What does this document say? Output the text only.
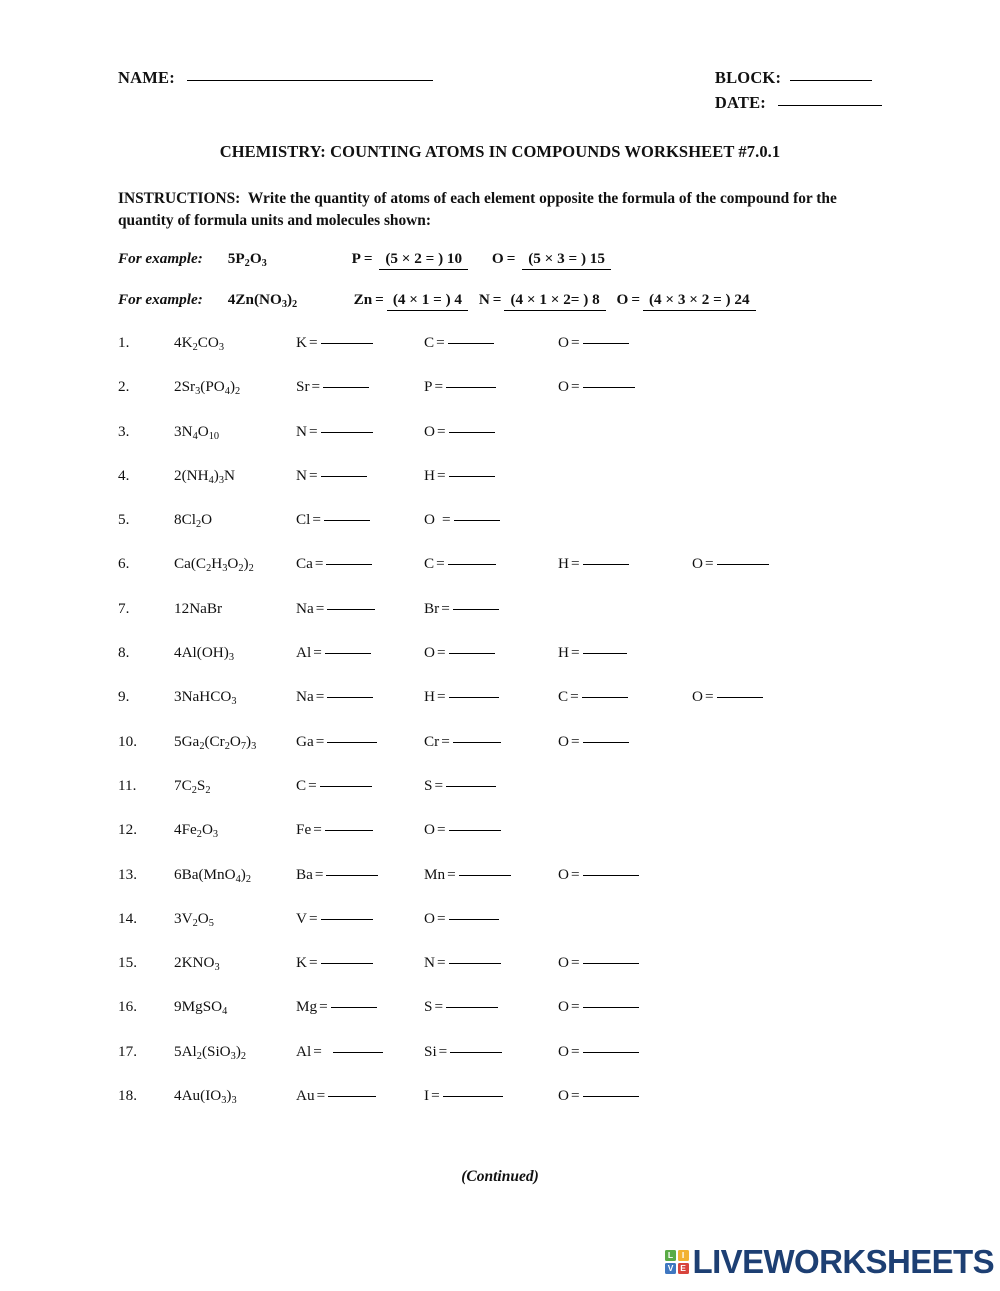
NAME:	BLOCK:
DATE:
CHEMISTRY: COUNTING ATOMS IN COMPOUNDS WORKSHEET #7.0.1
INSTRUCTIONS: Write the quantity of atoms of each element opposite the formula of the compound for the quantity of formula units and molecules shown:
For example: $5P_2O_3$	P = (5 × 2 = ) 10 O = (5 × 3 = ) 15
For example: $4Zn(NO_3)_2$	Zn = (4 × 1 = ) 4 N = (4 × 1 × 2= ) 8 O = (4 × 3 × 2 = ) 24
1.	$4K_2CO_3$	K =	C =	O =
2.	$2Sr_3(PO_4)_2$	Sr =	P =	O =
3.	$3N_4O_{10}$	N =	O =
4.	$2(NH_4)_3N$	N =	H =
5.	$8Cl_2O$	Cl =	O =
6.	$Ca(C_2H_3O_2)_2$	Ca =	C =	H =	O =
7.	12NaBr	Na =	Br =
8.	$4Al(OH)_3$	Al =	O =	H =
9.	3NaHCO$_3$	Na =	H =	C =	O =
10. $5Ga_2(Cr_2O_7)_3$	Ga =	Cr =	O =
11. $7C_2S_2$	C =	S =
12. $4Fe_2O_3$	Fe =	O =
13. $6Ba(MnO_4)_2$	Ba =	Mn =	O =
14. $3V_2O_5$	V =	O =
15. $2KNO_3$	K =	N =	O =
16. 9MgSO$_4$	Mg =	S =	O =
17. $5Al_2(SiO_3)_2$	Al =	Si =	O =
18. $4Au(IO_3)_3$	Au =	I =	O =
(Continued)
L	I
V E LIVEWORKSHEETS
